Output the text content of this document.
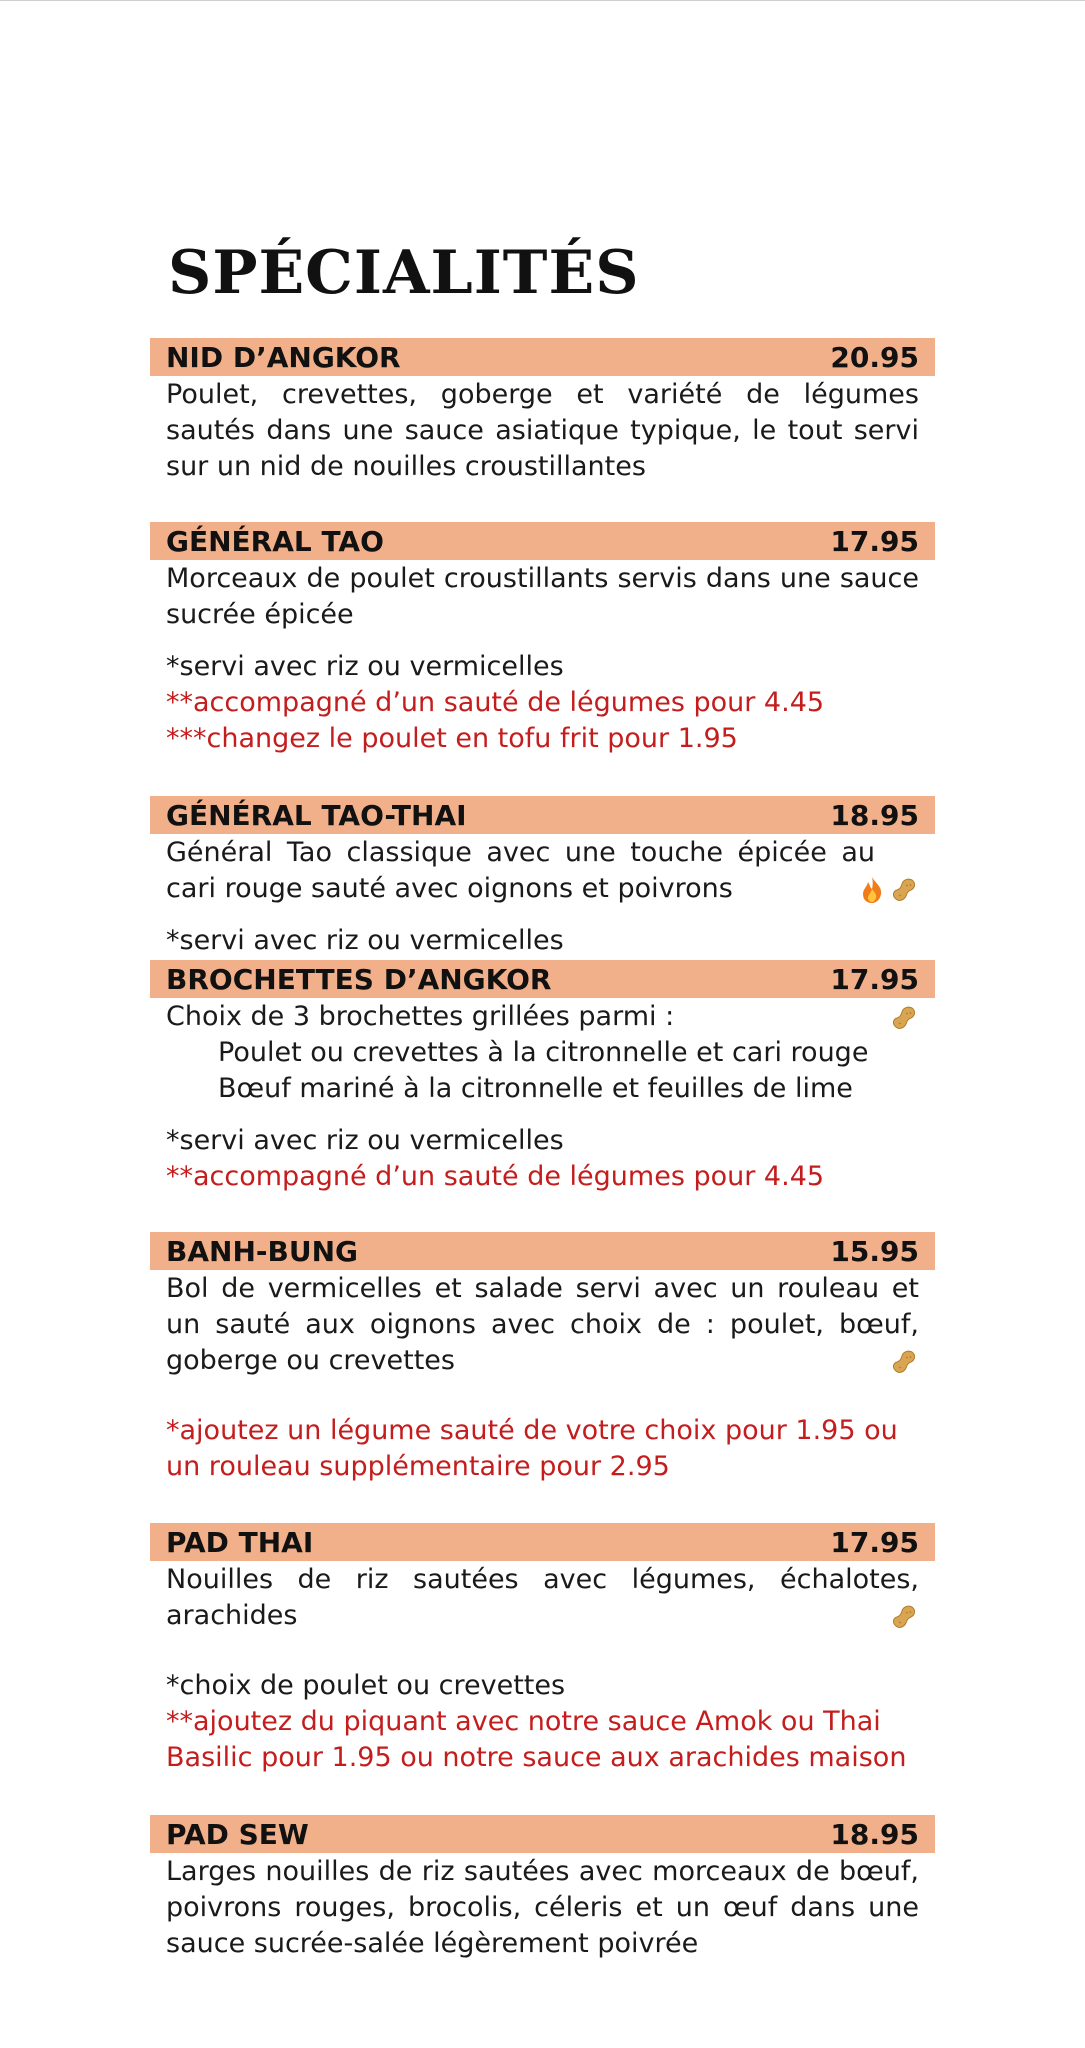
SPÉCIALITÉS
NID D’ANGKOR	20.95

Poulet, crevettes, goberge et variété de légumes sautés dans une sauce asiatique typique, le tout servi sur un nid de nouilles croustillantes

GÉNÉRAL TAO	17.95

Morceaux de poulet croustillants servis dans une sauce sucrée épicée

*servi avec riz ou vermicelles

**accompagné d’un sauté de légumes pour 4.45

***changez le poulet en tofu frit pour 1.95

GÉNÉRAL TAO-THAI	18.95

Général Tao classique avec une touche épicée au cari rouge sauté avec oignons et poivrons

*servi avec riz ou vermicelles

BROCHETTES D’ANGKOR	17.95

Choix de 3 brochettes grillées parmi :

Poulet ou crevettes à la citronnelle et cari rouge

Bœuf mariné à la citronnelle et feuilles de lime

*servi avec riz ou vermicelles

**accompagné d’un sauté de légumes pour 4.45

BANH-BUNG	15.95

Bol de vermicelles et salade servi avec un rouleau et un sauté aux oignons avec choix de : poulet, bœuf, goberge ou crevettes

*ajoutez un légume sauté de votre choix pour 1.95 ou un rouleau supplémentaire pour 2.95

PAD THAI	17.95

Nouilles de riz sautées avec légumes, échalotes, arachides

*choix de poulet ou crevettes

**ajoutez du piquant avec notre sauce Amok ou Thai Basilic pour 1.95 ou notre sauce aux arachides maison

PAD SEW	18.95

Larges nouilles de riz sautées avec morceaux de bœuf, poivrons rouges, brocolis, céleris et un œuf dans une sauce sucrée-salée légèrement poivrée
